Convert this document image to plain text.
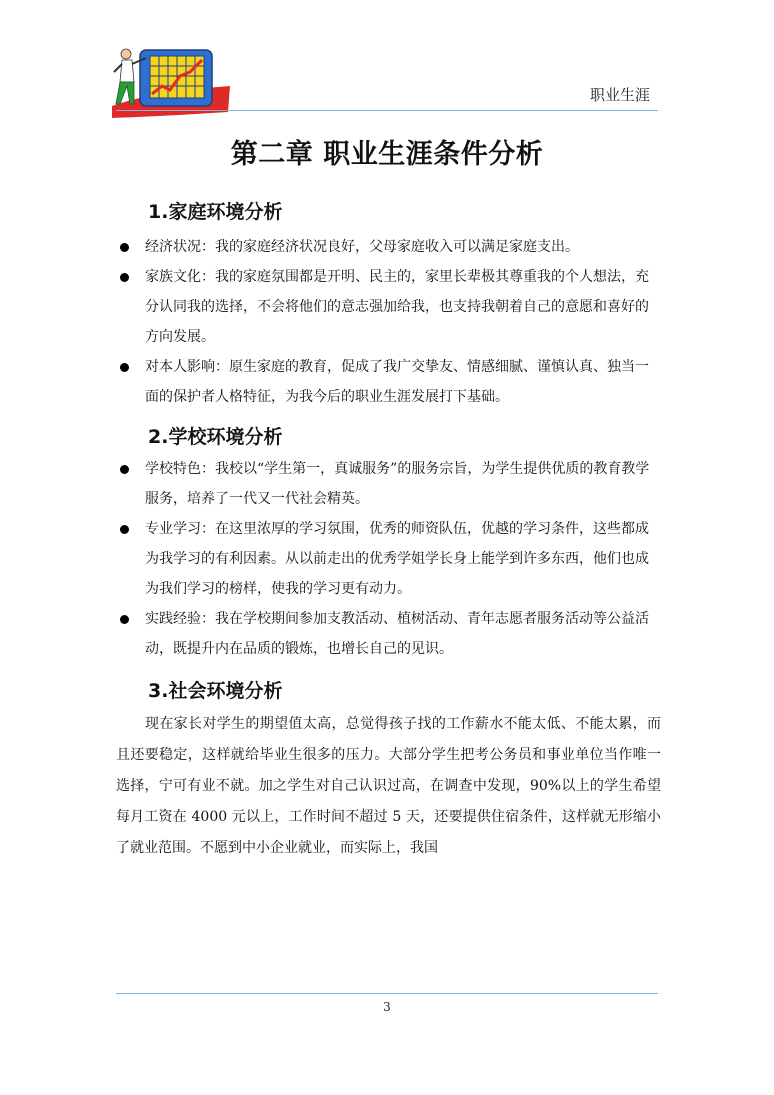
职业生涯
第二章 职业生涯条件分析
1.家庭环境分析
经济状况：我的家庭经济状况良好，父母家庭收入可以满足家庭支出。
家族文化：我的家庭氛围都是开明、民主的，家里长辈极其尊重我的个人想法，充分认同我的选择，不会将他们的意志强加给我，也支持我朝着自己的意愿和喜好的方向发展。
对本人影响：原生家庭的教育，促成了我广交挚友、情感细腻、谨慎认真、独当一面的保护者人格特征，为我今后的职业生涯发展打下基础。
2.学校环境分析
学校特色：我校以“学生第一，真诚服务”的服务宗旨，为学生提供优质的教育教学服务，培养了一代又一代社会精英。
专业学习：在这里浓厚的学习氛围，优秀的师资队伍，优越的学习条件，这些都成为我学习的有利因素。从以前走出的优秀学姐学长身上能学到许多东西，他们也成为我们学习的榜样，使我的学习更有动力。
实践经验：我在学校期间参加支教活动、植树活动、青年志愿者服务活动等公益活动，既提升内在品质的锻炼，也增长自己的见识。
3.社会环境分析

现在家长对学生的期望值太高，总觉得孩子找的工作薪水不能太低、不能太累，而且还要稳定，这样就给毕业生很多的压力。大部分学生把考公务员和事业单位当作唯一选择，宁可有业不就。加之学生对自己认识过高，在调查中发现，90%以上的学生希望每月工资在 4000 元以上，工作时间不超过 5 天，还要提供住宿条件，这样就无形缩小了就业范围。不愿到中小企业就业，而实际上，我国

3
